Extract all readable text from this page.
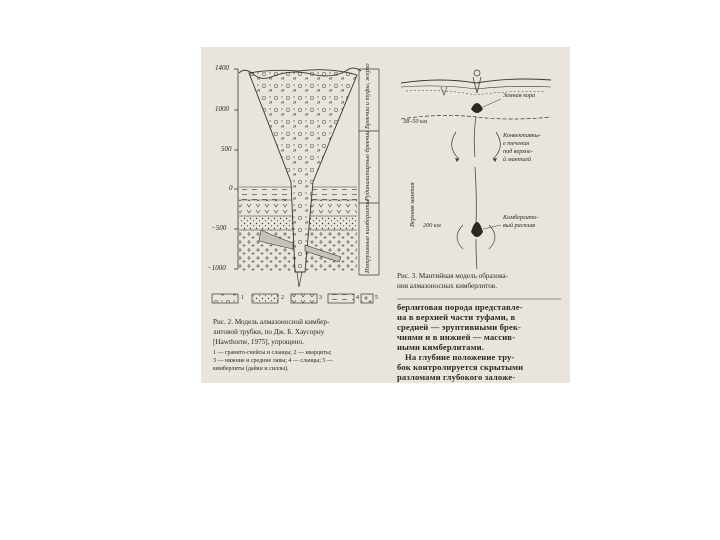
1400
1000
500
0
−500
−1000
Брекчии и туфы, жерло
Рудинилитарные брекчии
Интрузивные кимберлиты
1	2	3	4	5
Рис. 2. Модель алмазоносной кимбер-
литовой трубки, по Дж. Б. Хаусорну
[Hawthorne, 1975], упрощено.
1 — гранито-гнейсы и сланцы; 2 — кварциты;
3 — нижние и средние лавы; 4 — сланцы; 5 —
кимберлиты (дайки и силлы).
Земная кора
38–50 км
Конвективны-
е течения
под верхне-
й мантией
Верхняя мантия 200 км
Кимберлито-
вый расплав
Рис. 3. Мантийная модель образова-
ния алмазоносных кимберлитов.
берлитовая порода представле-
на в верхней части туфами, в
средней — эруптивными брек-
чиями и в нижней — массив-
ными кимберлитами.
На глубине положение тру-
бок контролируется скрытыми
разломами глубокого заложе-
